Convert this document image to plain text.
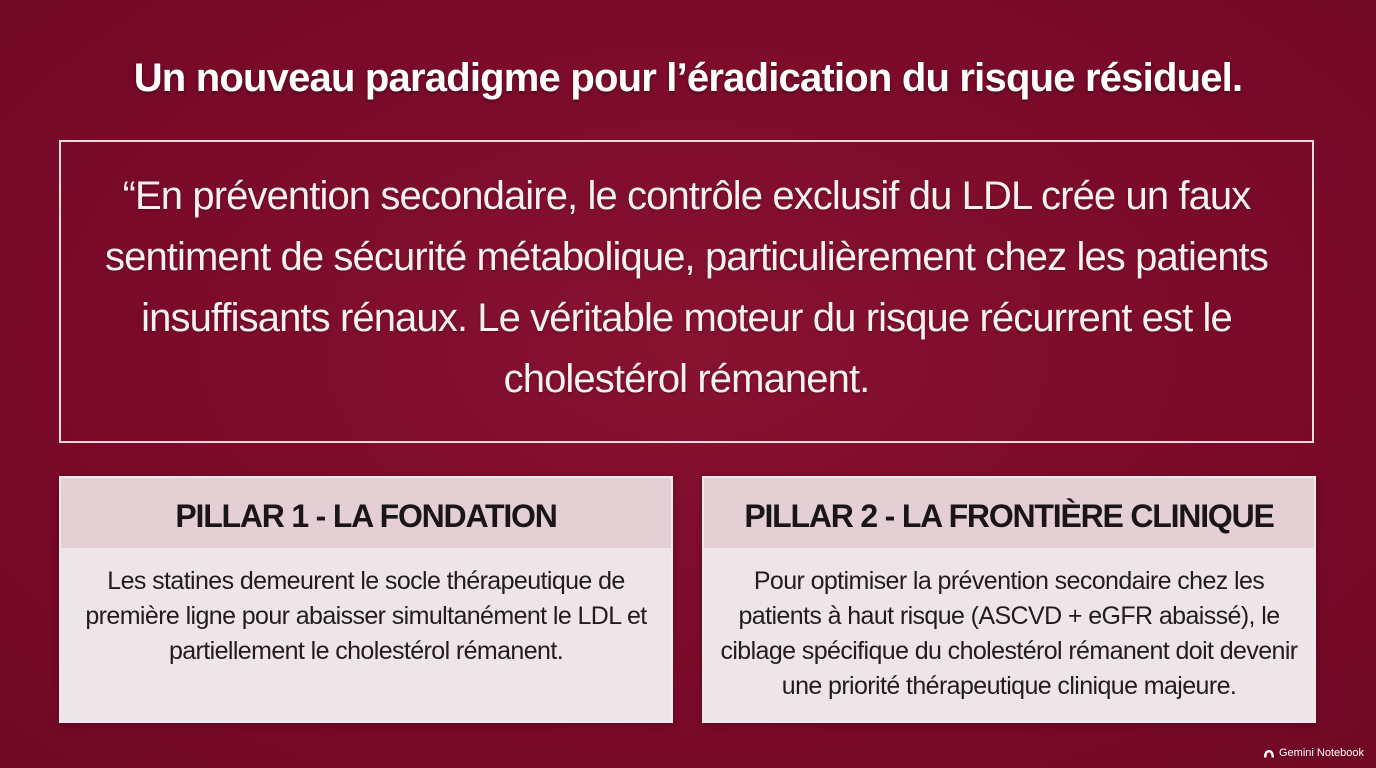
Un nouveau paradigme pour l’éradication du risque résiduel.

“En prévention secondaire, le contrôle exclusif du LDL crée un faux sentiment de sécurité métabolique, particulièrement chez les patients insuffisants rénaux. Le véritable moteur du risque récurrent est le cholestérol rémanent.

PILLAR 1 - LA FONDATION
Les statines demeurent le socle thérapeutique de première ligne pour abaisser simultanément le LDL et partiellement le cholestérol rémanent.
PILLAR 2 - LA FRONTIÈRE CLINIQUE
Pour optimiser la prévention secondaire chez les patients à haut risque (ASCVD + eGFR abaissé), le ciblage spécifique du cholestérol rémanent doit devenir une priorité thérapeutique clinique majeure.
Gemini Notebook
